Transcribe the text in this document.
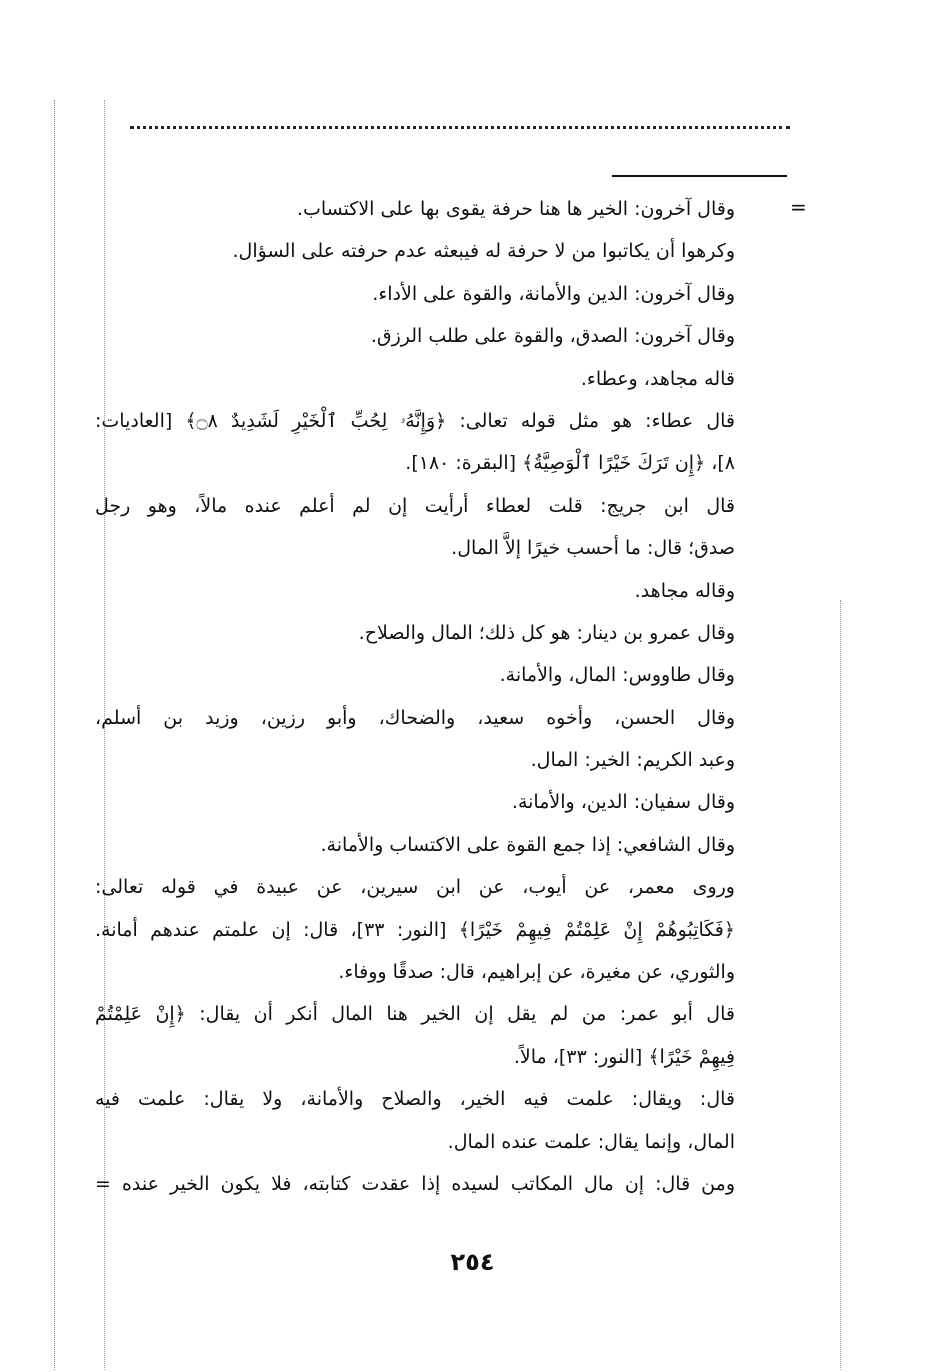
=
وقال آخرون: الخير ها هنا حرفة يقوى بها على الاكتساب.
وكرهوا أن يكاتبوا من لا حرفة له فيبعثه عدم حرفته على السؤال.
وقال آخرون: الدين والأمانة، والقوة على الأداء.
وقال آخرون: الصدق، والقوة على طلب الرزق.
قاله مجاهد، وعطاء.
قال عطاء: هو مثل قوله تعالى: ﴿وَإِنَّهُۥ لِحُبِّ ٱلْخَيْرِ لَشَدِيدٌ ۝٨﴾ [العاديات:
٨]، ﴿إِن تَرَكَ خَيْرًا ٱلْوَصِيَّةُ﴾ [البقرة: ١٨٠].
قال ابن جريج: قلت لعطاء أرأيت إن لم أعلم عنده مالاً، وهو رجل
صدق؛ قال: ما أحسب خيرًا إلاَّ المال.
وقاله مجاهد.
وقال عمرو بن دينار: هو كل ذلك؛ المال والصلاح.
وقال طاووس: المال، والأمانة.
وقال الحسن، وأخوه سعيد، والضحاك، وأبو رزين، وزيد بن أسلم،
وعبد الكريم: الخير: المال.
وقال سفيان: الدين، والأمانة.
وقال الشافعي: إذا جمع القوة على الاكتساب والأمانة.
وروى معمر، عن أيوب، عن ابن سيرين، عن عبيدة في قوله تعالى:
﴿فَكَاتِبُوهُمْ إِنْ عَلِمْتُمْ فِيهِمْ خَيْرًا﴾ [النور: ٣٣]، قال: إن علمتم عندهم أمانة.
والثوري، عن مغيرة، عن إبراهيم، قال: صدقًا ووفاء.
قال أبو عمر: من لم يقل إن الخير هنا المال أنكر أن يقال: ﴿إِنْ عَلِمْتُمْ
فِيهِمْ خَيْرًا﴾ [النور: ٣٣]، مالاً.
قال: ويقال: علمت فيه الخير، والصلاح والأمانة، ولا يقال: علمت فيه
المال، وإنما يقال: علمت عنده المال.
ومن قال: إن مال المكاتب لسيده إذا عقدت كتابته، فلا يكون الخير عنده =
٢٥٤
